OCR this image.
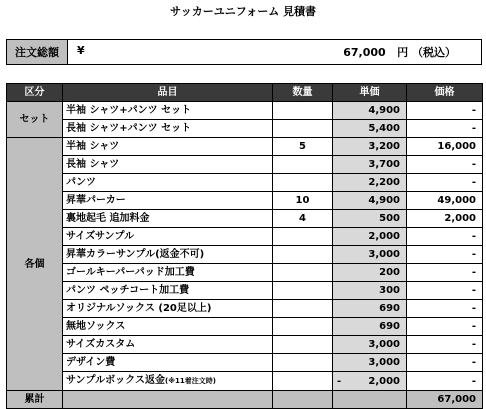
サッカーユニフォーム 見積書
注文総額	¥	67,000 円 （税込）
区分	品目	数量	単価	価格
セット	半袖 シャツ+パンツ セット		4,900	-
	長袖 シャツ+パンツ セット		5,400	-
各個	半袖 シャツ	5	3,200	16,000
	長袖 シャツ		3,700	-
	パンツ		2,200	-
	昇華パーカー	10	4,900	49,000
	裏地起毛 追加料金	4	500	2,000
	サイズサンプル		2,000	-
	昇華カラーサンプル(返金不可)		3,000	-
	ゴールキーパーパッド加工費		200	-
	パンツ ペッチコート加工費		300	-
	オリジナルソックス (20足以上)		690	-
	無地ソックス		690	-
	サイズカスタム		3,000	-
	デザイン費		3,000	-
	サンプルボックス返金(※11着注文時)		- 2,000	-
累計				67,000
